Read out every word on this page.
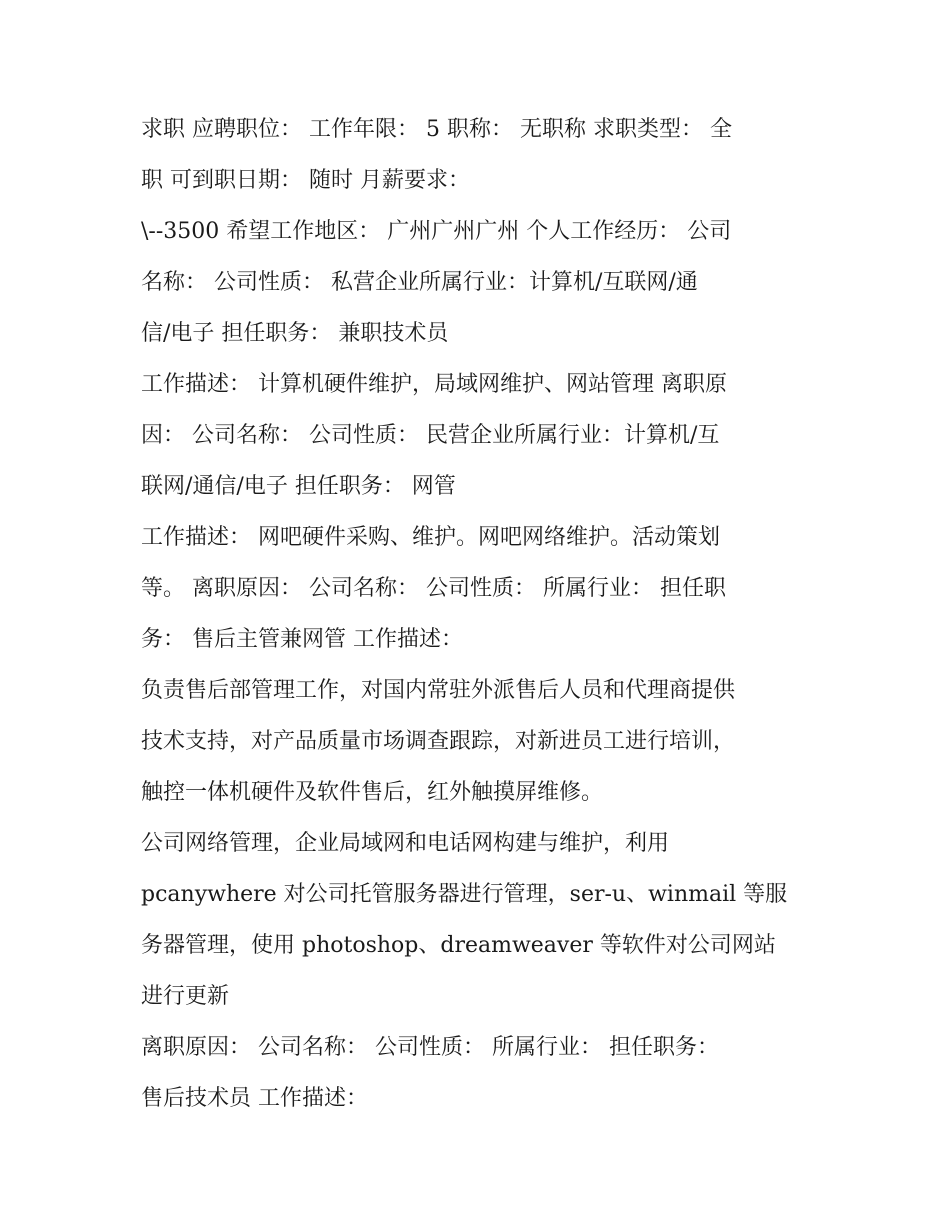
求职 应聘职位： 工作年限： 5 职称： 无职称 求职类型： 全
职 可到职日期： 随时 月薪要求：
\--3500 希望工作地区： 广州广州广州 个人工作经历： 公司
名称： 公司性质： 私营企业所属行业：计算机/互联网/通
信/电子 担任职务： 兼职技术员
工作描述： 计算机硬件维护，局域网维护、网站管理 离职原
因： 公司名称： 公司性质： 民营企业所属行业：计算机/互
联网/通信/电子 担任职务： 网管
工作描述： 网吧硬件采购、维护。网吧网络维护。活动策划
等。 离职原因： 公司名称： 公司性质： 所属行业： 担任职
务： 售后主管兼网管 工作描述：
负责售后部管理工作，对国内常驻外派售后人员和代理商提供
技术支持，对产品质量市场调查跟踪，对新进员工进行培训，
触控一体机硬件及软件售后，红外触摸屏维修。
公司网络管理，企业局域网和电话网构建与维护，利用
pcanywhere 对公司托管服务器进行管理，ser-u、winmail 等服
务器管理，使用 photoshop、dreamweaver 等软件对公司网站
进行更新
离职原因： 公司名称： 公司性质： 所属行业： 担任职务：
售后技术员 工作描述：
